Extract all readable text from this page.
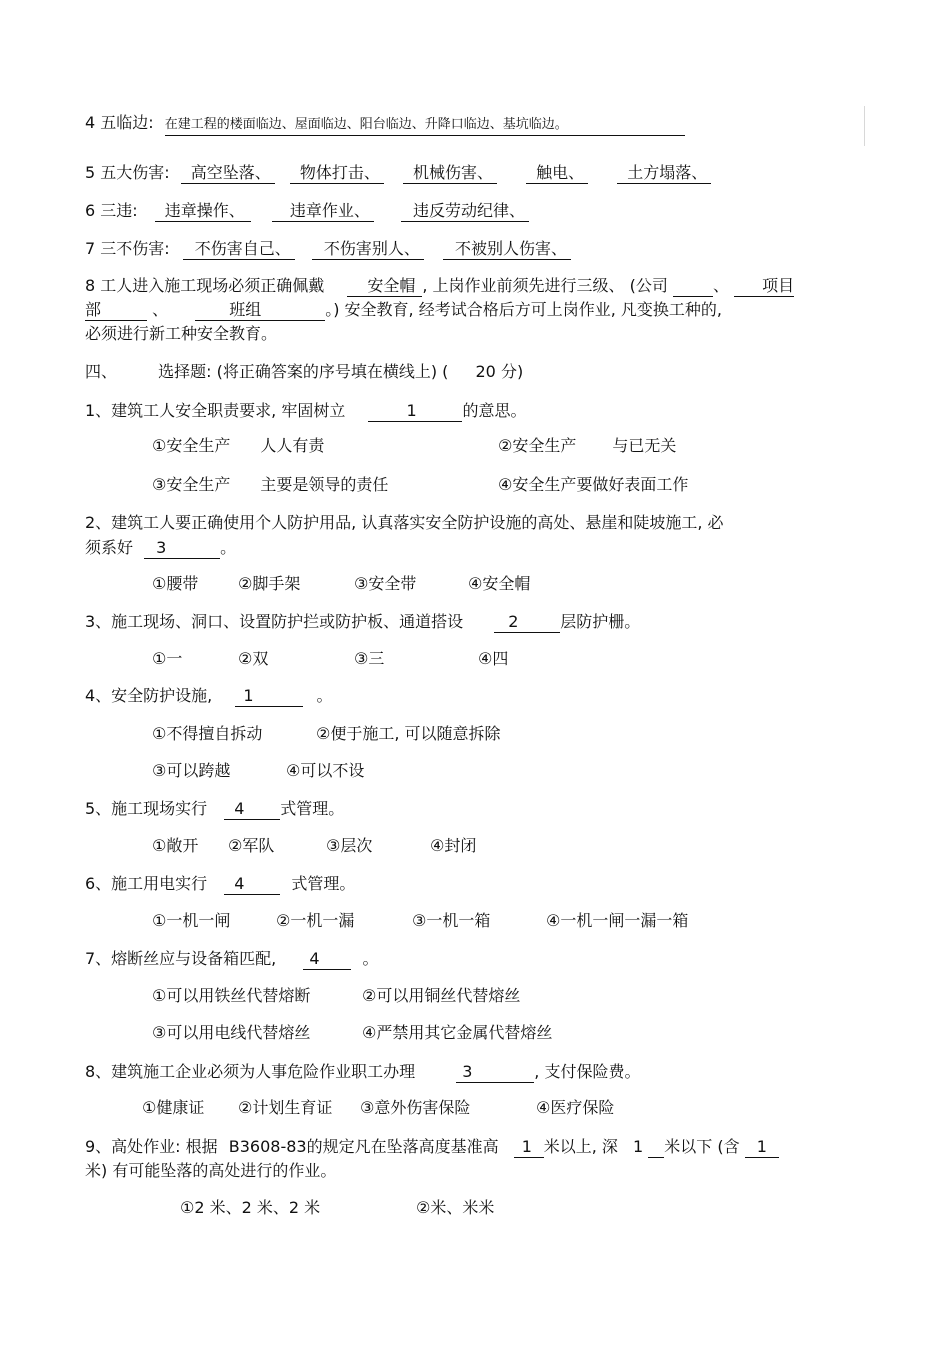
4 五临边: 在建工程的楼面临边、屋面临边、阳台临边、升降口临边、基坑临边。
5 五大伤害: 高空坠落、 物体打击、 机械伤害、	触电、	土方塌落、
6 三违: 违章操作、	违章作业、	违反劳动纪律、
7 三不伤害: 不伤害自己、 不伤害别人、 不被别人伤害、
8 工人进入施工现场必须正确佩戴	安全帽 , 上岗作业前须先进行三级、 (公司	、 项目
部	、	班组	。) 安全教育, 经考试合格后方可上岗作业, 凡变换工种的,
必须进行新工种安全教育。
四、	选择题: (将正确答案的序号填在横线上) ( 20 分)
1、建筑工人安全职责要求, 牢固树立	1	的意思。
①安全生产 人人有责	②安全生产 与已无关
③安全生产 主要是领导的责任	④安全生产要做好表面工作
2、建筑工人要正确使用个人防护用品, 认真落实安全防护设施的高处、悬崖和陡坡施工, 必
须系好 3	。
①腰带 ②脚手架	③安全带	④安全帽
3、施工现场、洞口、设置防护拦或防护板、通道搭设	2	层防护栅。
①一	②双	③三	④四
4、安全防护设施, 1	。
①不得擅自拆动	②便于施工, 可以随意拆除
③可以跨越	④可以不设
5、施工现场实行 4 式管理。
①敞开 ②军队	③层次	④封闭
6、施工用电实行 4	式管理。
①一机一闸	②一机一漏	③一机一箱	④一机一闸一漏一箱
7、熔断丝应与设备箱匹配, 4	。
①可以用铁丝代替熔断	②可以用铜丝代替熔丝
③可以用电线代替熔丝	④严禁用其它金属代替熔丝
8、建筑施工企业必须为人事危险作业职工办理	3	, 支付保险费。
①健康证 ②计划生育证 ③意外伤害保险	④医疗保险
9、高处作业: 根据 B3608-83的规定凡在坠落高度基准高 1 米以上, 深 1 米以下 (含 1
米) 有可能坠落的高处进行的作业。
①2 米、2 米、2 米	②米、米米
